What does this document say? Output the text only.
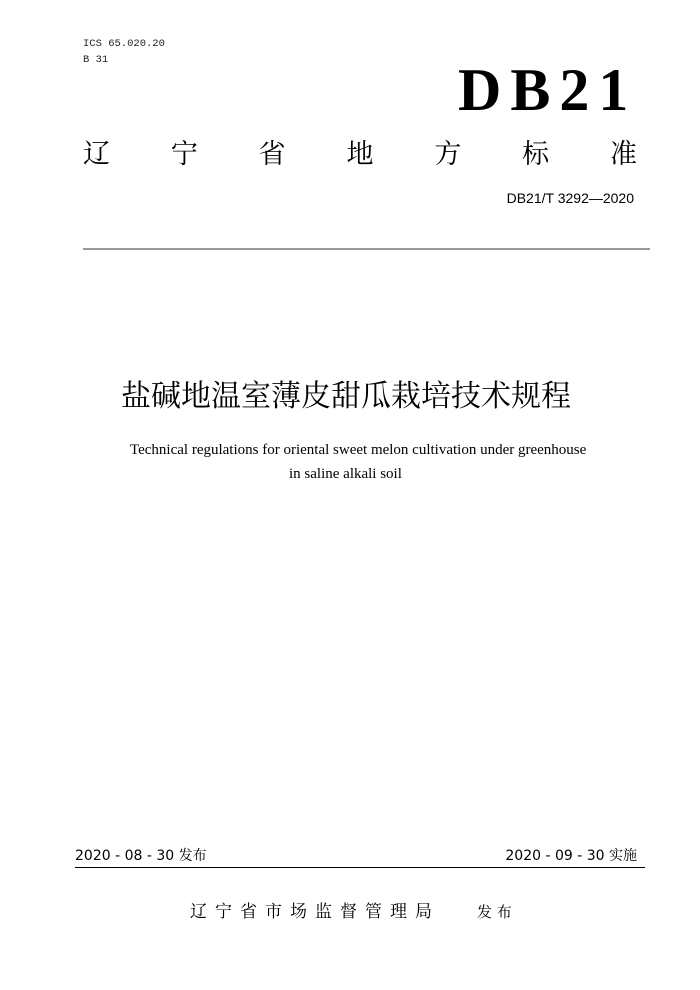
ICS 65.020.20
B 31	DB21
辽 宁 省 地 方 标 准
DB21/T 3292—2020
盐碱地温室薄皮甜瓜栽培技术规程
Technical regulations for oriental sweet melon cultivation under greenhouse
in saline alkali soil
2020 - 08 - 30 发布	2020 - 09 - 30 实施
辽宁省市场监督管理局 发 布
